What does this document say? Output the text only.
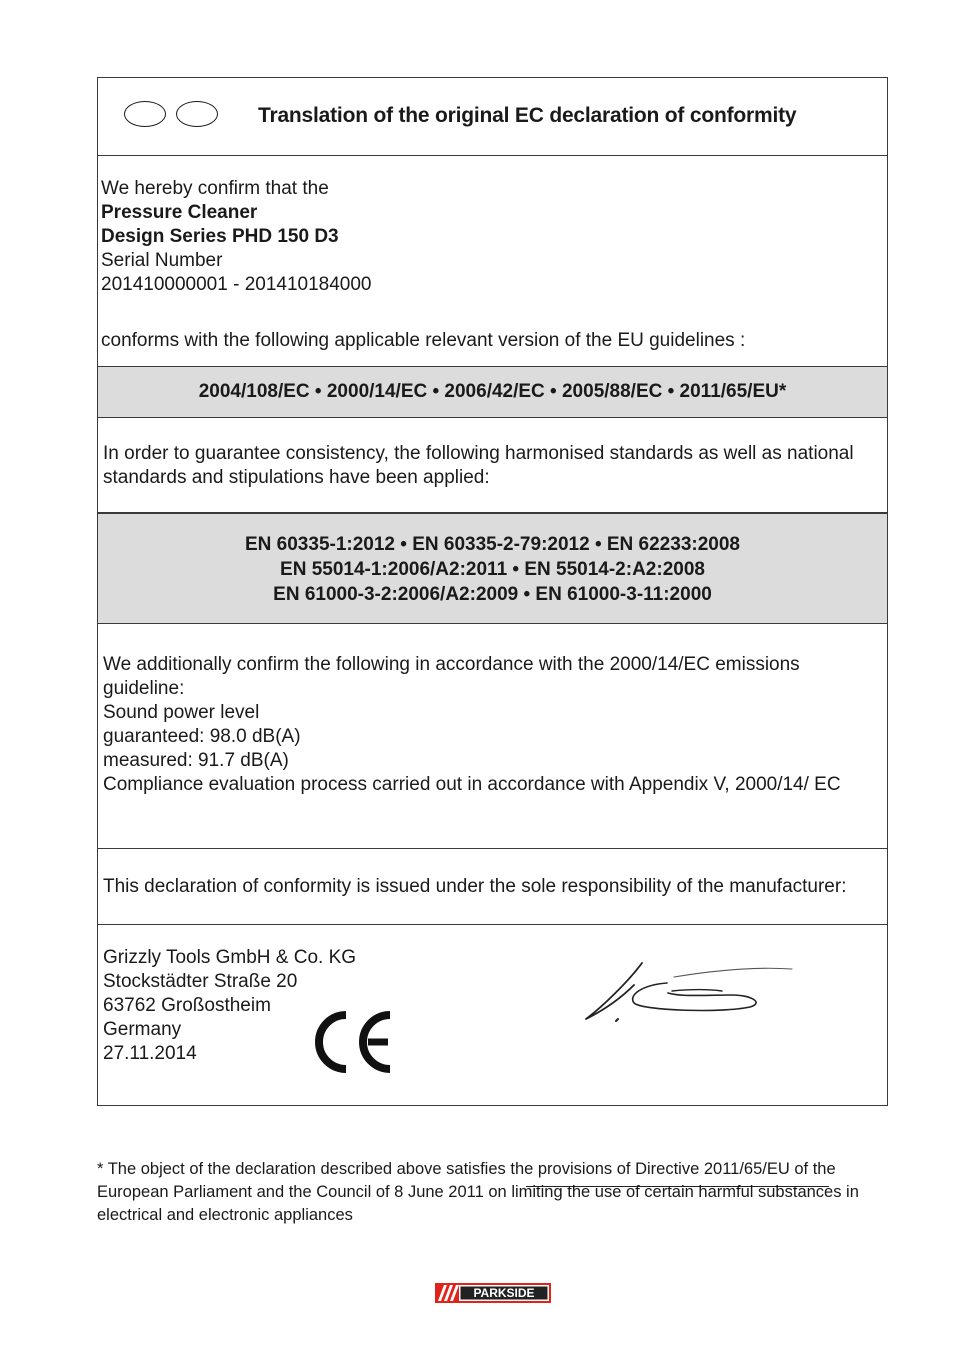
Translation of the original EC declaration of conformity
We hereby confirm that the
Pressure Cleaner
Design Series PHD 150 D3
Serial Number
201410000001 - 201410184000
conforms with the following applicable relevant version of the EU guidelines :
2004/108/EC • 2000/14/EC • 2006/42/EC • 2005/88/EC • 2011/65/EU*
In order to guarantee consistency, the following harmonised standards as well as national standards and stipulations have been applied:
EN 60335-1:2012 • EN 60335-2-79:2012 • EN 62233:2008
EN 55014-1:2006/A2:2011 • EN 55014-2:A2:2008
EN 61000-3-2:2006/A2:2009 • EN 61000-3-11:2000
We additionally confirm the following in accordance with the 2000/14/EC emissions guideline:
Sound power level
guaranteed: 98.0 dB(A)
measured: 91.7 dB(A)
Compliance evaluation process carried out in accordance with Appendix V, 2000/14/ EC
This declaration of conformity is issued under the sole responsibility of the manufacturer:
Grizzly Tools GmbH & Co. KG
Stockstädter Straße 20
63762 Großostheim
Germany
27.11.2014
* The object of the declaration described above satisfies the provisions of Directive 2011/65/EU of the European Parliament and the Council of 8 June 2011 on limiting the use of certain harmful substances in electrical and electronic appliances
PARKSIDE
